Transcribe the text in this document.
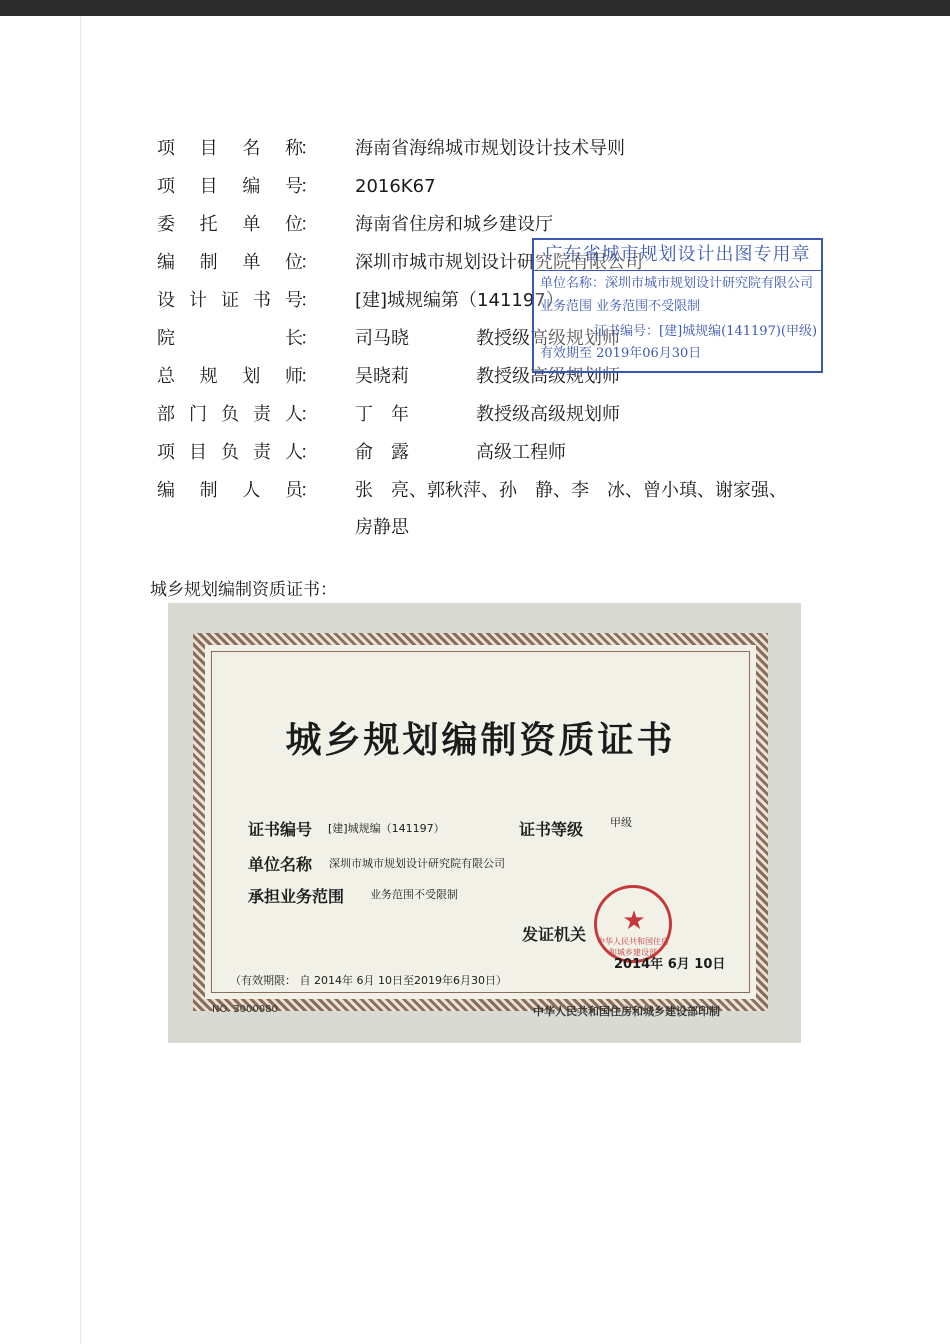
项 目 名 称
： 海南省海绵城市规划设计技术导则
项 目 编 号
： 2016K67
委 托 单 位
： 海南省住房和城乡建设厅
编 制 单 位
： 深圳市城市规划设计研究院有限公司
设 计 证 书 号
： [建]城规编第（141197）
院	长
： 司马晓	教授级高级规划师
总 规 划 师
： 吴晓莉	教授级高级规划师
部 门 负 责 人
： 丁　年	教授级高级规划师
项 目 负 责 人
： 俞　露	高级工程师
编 制 人 员
： 张　亮、郭秋萍、孙　静、李　冰、曾小瑱、谢家强、
房静思
广东省城市规划设计出图专用章
单位名称：深圳市城市规划设计研究院有限公司
业务范围 业务范围不受限制
证书编号：[建]城规编(141197)(甲级)
有效期至 2019年06月30日
城乡规划编制资质证书：
城乡规划编制资质证书
证书编号 [建]城规编（141197）	证书等级 甲级
单位名称 深圳市城市规划设计研究院有限公司
承担业务范围 业务范围不受限制
★
中华人民共和国住房和城乡建设部
发证机关
2014年 6月 10日
（有效期限： 自 2014年 6月 10日至2019年6月30日）
NO. 3000080	中华人民共和国住房和城乡建设部印制
